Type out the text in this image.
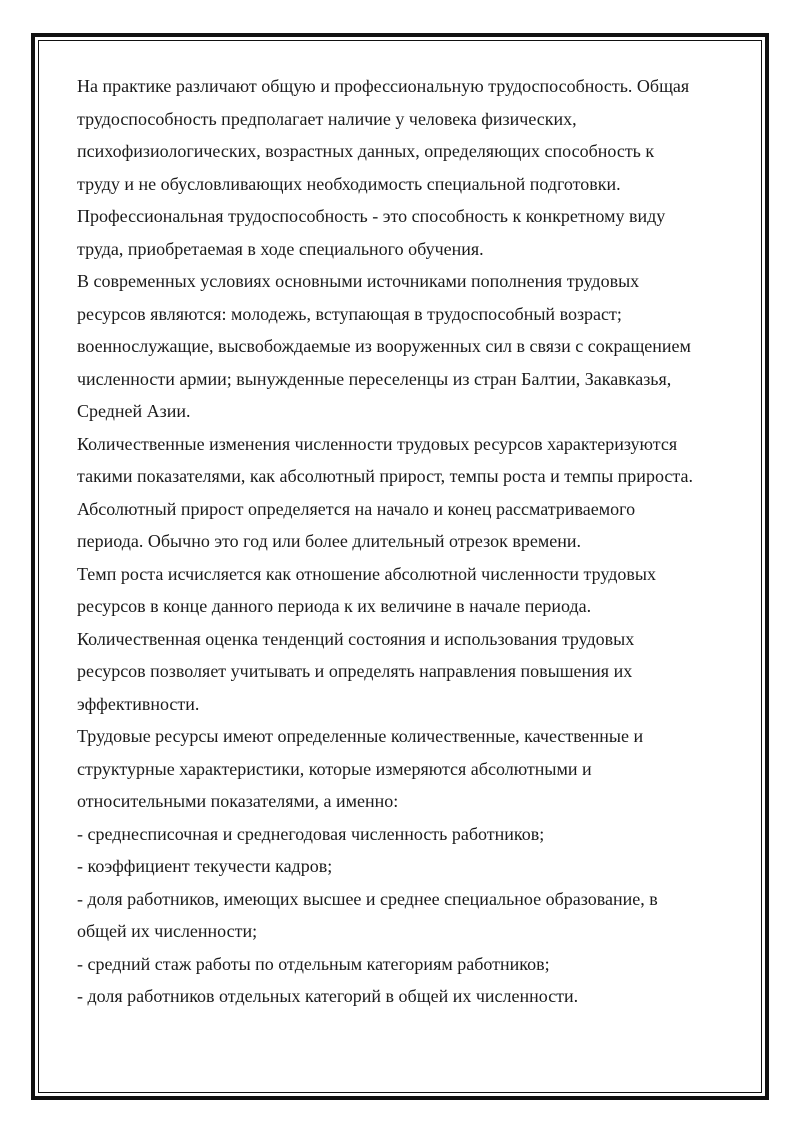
На практике различают общую и профессиональную трудоспособность. Общая
трудоспособность предполагает наличие у человека физических,
психофизиологических, возрастных данных, определяющих способность к
труду и не обусловливающих необходимость специальной подготовки.
Профессиональная трудоспособность - это способность к конкретному виду
труда, приобретаемая в ходе специального обучения.
В современных условиях основными источниками пополнения трудовых
ресурсов являются: молодежь, вступающая в трудоспособный возраст;
военнослужащие, высвобождаемые из вооруженных сил в связи с сокращением
численности армии; вынужденные переселенцы из стран Балтии, Закавказья,
Средней Азии.
Количественные изменения численности трудовых ресурсов характеризуются
такими показателями, как абсолютный прирост, темпы роста и темпы прироста.
Абсолютный прирост определяется на начало и конец рассматриваемого
периода. Обычно это год или более длительный отрезок времени.
Темп роста исчисляется как отношение абсолютной численности трудовых
ресурсов в конце данного периода к их величине в начале периода.
Количественная оценка тенденций состояния и использования трудовых
ресурсов позволяет учитывать и определять направления повышения их
эффективности.
Трудовые ресурсы имеют определенные количественные, качественные и
структурные характеристики, которые измеряются абсолютными и
относительными показателями, а именно:
- среднесписочная и среднегодовая численность работников;
- коэффициент текучести кадров;
- доля работников, имеющих высшее и среднее специальное образование, в
общей их численности;
- средний стаж работы по отдельным категориям работников;
- доля работников отдельных категорий в общей их численности.
